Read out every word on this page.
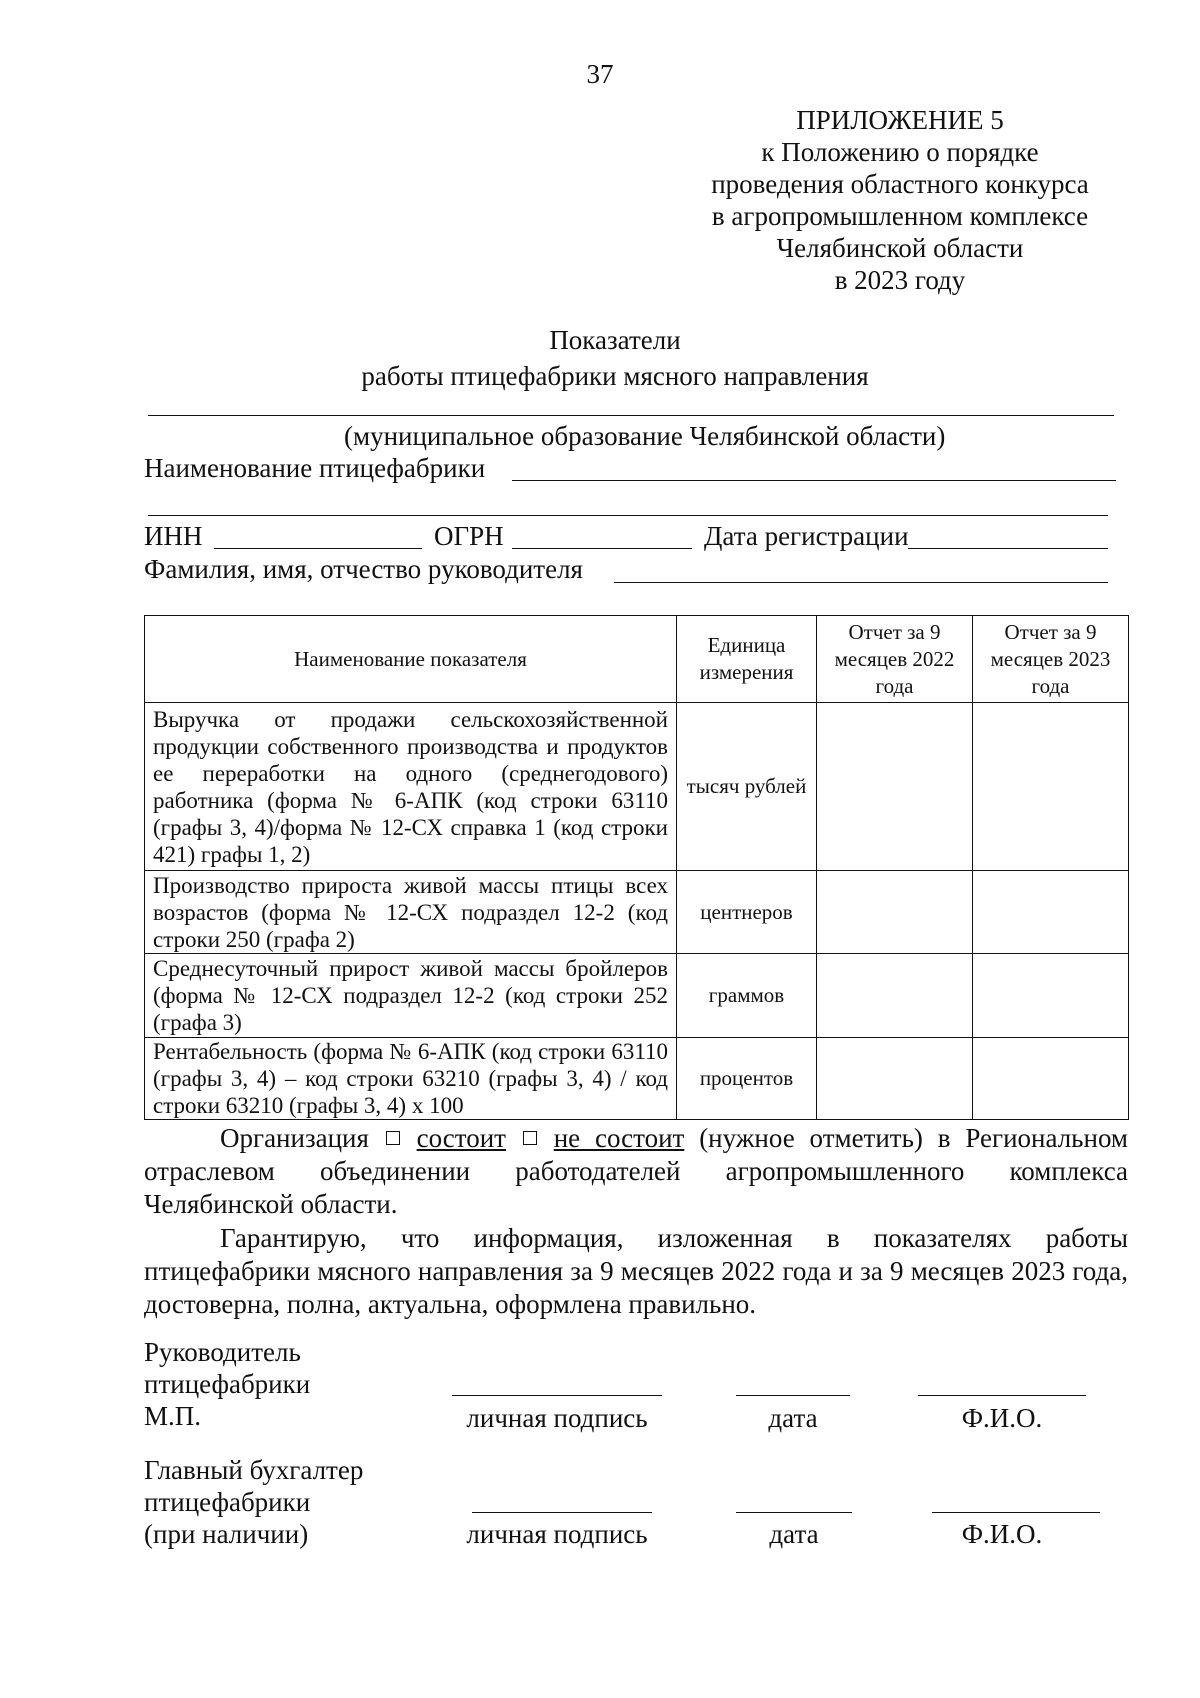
37
ПРИЛОЖЕНИЕ 5
к Положению о порядке
проведения областного конкурса
в агропромышленном комплексе
Челябинской области
в 2023 году
Показатели
работы птицефабрики мясного направления
(муниципальное образование Челябинской области)
Наименование птицефабрики
ИНН	ОГРН	Дата регистрации
Фамилия, имя, отчество руководителя
Наименование показателя	Единица измерения	Отчет за 9 месяцев 2022 года	Отчет за 9 месяцев 2023 года
Выручка от продажи сельскохозяйственной продукции собственного производства и продуктов ее переработки на одного (среднегодового) работника (форма № 6-АПК (код строки 63110 (графы 3, 4)/форма № 12-СХ справка 1 (код строки 421) графы 1, 2)	тысяч рублей		
Производство прироста живой массы птицы всех возрастов (форма № 12-СХ подраздел 12-2 (код строки 250 (графа 2)	центнеров		
Среднесуточный прирост живой массы бройлеров (форма № 12-СХ подраздел 12-2 (код строки 252 (графа 3)	граммов		
Рентабельность (форма № 6-АПК (код строки 63110 (графы 3, 4) – код строки 63210 (графы 3, 4) / код строки 63210 (графы 3, 4) х 100	процентов		
Организация состоит не состоит (нужное отметить) в Региональном отраслевом объединении работодателей агропромышленного комплекса Челябинской области.
Гарантирую, что информация, изложенная в показателях работы птицефабрики мясного направления за 9 месяцев 2022 года и за 9 месяцев 2023 года, достоверна, полна, актуальна, оформлена правильно.
Руководитель
птицефабрики
М.П.	личная подпись	дата	Ф.И.О.
Главный бухгалтер
птицефабрики
(при наличии)	личная подпись	дата	Ф.И.О.
